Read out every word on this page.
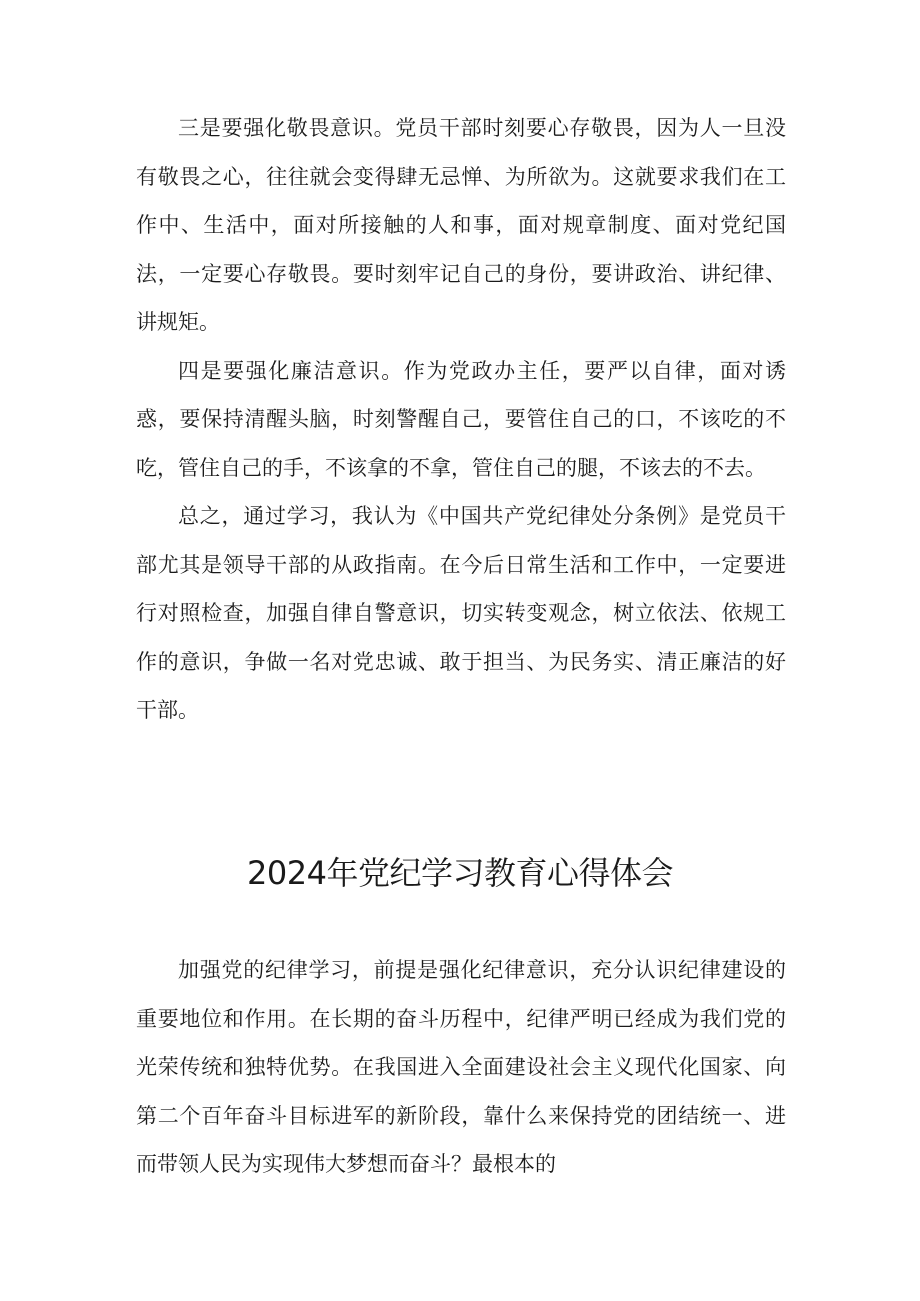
三是要强化敬畏意识。党员干部时刻要心存敬畏，因为人一旦没有敬畏之心，往往就会变得肆无忌惮、为所欲为。这就要求我们在工作中、生活中，面对所接触的人和事，面对规章制度、面对党纪国法，一定要心存敬畏。要时刻牢记自己的身份，要讲政治、讲纪律、讲规矩。

四是要强化廉洁意识。作为党政办主任，要严以自律，面对诱惑，要保持清醒头脑，时刻警醒自己，要管住自己的口，不该吃的不吃，管住自己的手，不该拿的不拿，管住自己的腿，不该去的不去。

总之，通过学习，我认为《中国共产党纪律处分条例》是党员干部尤其是领导干部的从政指南。在今后日常生活和工作中，一定要进行对照检查，加强自律自警意识，切实转变观念，树立依法、依规工作的意识，争做一名对党忠诚、敢于担当、为民务实、清正廉洁的好干部。

2024年党纪学习教育心得体会

加强党的纪律学习，前提是强化纪律意识，充分认识纪律建设的重要地位和作用。在长期的奋斗历程中，纪律严明已经成为我们党的光荣传统和独特优势。在我国进入全面建设社会主义现代化国家、向第二个百年奋斗目标进军的新阶段，靠什么来保持党的团结统一、进而带领人民为实现伟大梦想而奋斗？最根本的
